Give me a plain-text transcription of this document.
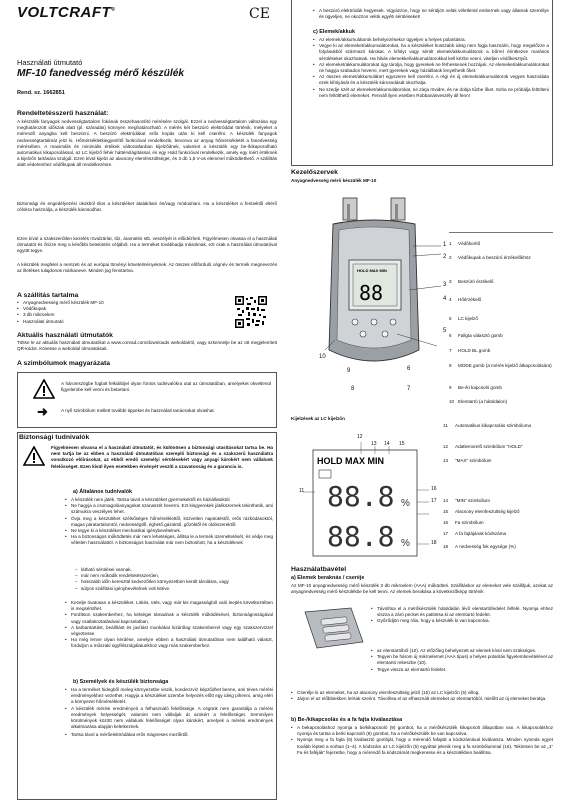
VOLTCRAFT®	CE
Használati útmutató
MF-10 fanedvesség mérő készülék
Rend. sz. 1662851
Rendeltetésszerű használat:
A készülék fanyagok nedvességtartalom fokának összehasonlító mérésére szolgál. Ezzel a nedvességtartalom változása egy meghatározott időszak alatt (pl. száradás) könnyen meghatározható. A mérés két beszúró elektróddal történik, melyeket a mérendő anyagba kell beszúrni. A beszúró elektródákat erős kopás után ki kell cserélni. A készülék fanyagok nedvességtartalmát jelzi ki. Hőmérsékletkiegyenlítő funkcióval rendelkezik, bevonva az anyag hőmérsékletét a fanedvesség mérésében. A maximális és minimális értékek változatlanban kijelződnek, valamint a készülék egy be-/kikapcsolható automatikus kikapcsolással, az LC kijelző fehér háttérvilágítással, és egy Hold funkcióval rendelkezik, amely egy mért értéknek a kijelzőn tartására szolgál. Ezen kívül kijelzi az alacsony elemfeszültséget, és 3 db 1,5 V-os elemmel működtethető. A szállítás alatt védelemhez védőkupak áll rendelkezésre.
Biztonsági és engedélyezési okokból tilos a készüléket átalakítani és/vagy módosítani. Ha a készüléket a fentiektől eltérő célokra használja, a készülék károsodhat.
Ezen kívül a szakszerűtlen kezelés rövidzárlat, tűz, áramütés stb. veszélyét is előidézheti. Figyelmesen olvassa el a használati útmutatót és őrizze meg a későbbi betekintés céljából. Ha a terméket továbbadja másoknak, ezt csak a használati útmutatóval együtt tegye.
A készülék megfelel a nemzeti és az európai törvényi követelményeknek. Az összes előforduló cégnév és termék megnevezés az illetékes tulajdonos márkaneve. Minden jog fenntartva.
A szállítás tartalma
• Anyagnedvesség mérő készülék MF-10
• Védőkupak
• 3 db mikroelem
• Használati útmutató
Aktuális használati útmutatók
Töltse le az aktuális használati útmutatókat a www.conrad.com/downloads weboldalról, vagy szkennelje be az ott megjelenített QR-kódot. Kövesse a weboldal útmutatásait.
A szimbólumok magyarázata
A háromszögbe foglalt felkiáltójel olyan fontos tudnivalókra utal az útmutatóban, amelyeket okvetlenül figyelembe kell venni és betartani.
➜	A nyíl szimbólum mellett további tippeket és használati tanácsokat olvashat.
Biztonsági tudnivalók
Figyelmesen olvassa el a használati útmutatót, és különösen a biztonsági utasításokat tartsa be. Ha nem tartja be az ebben a használati útmutatóban szereplő biztonsági és a szakszerű használatra vonatkozó előírásokat, az ebből eredő személyi sérülésekért vagy anyagi károkért nem vállalunk felelősséget. Ezen kívül ilyen esetekben érvényét veszíti a szavatosság és a garancia is.
a) Általános tudnivalók
• A készülék nem játék. Tartsa távol a készüléket gyermekektől és háziállatoktól.
• Ne hagyja a csomagolóanyagokat szanaszét heverni. Ezt kisgyerekek játékszernek tekinthetik, ami számukra veszélyes lehet.
• Óvja meg a készüléket szélsőséges hőmérséklettől, közvetlen napsütéstől, erős rázkódásoktól, magas páratartalomtól, nedvességtől, éghető gázoktól, gőzöktől és oldószerektől.
• Ne tegye ki a készüléket mechanikai igénybevételnek.
• Ha a biztonságos működtetés már nem lehetséges, állítsa le a termék üzemeltetését, és védje meg véletlen használattól. A biztonságos használat már nem biztosított, ha a készüléknek
– látható sérülései vannak,
– már nem működik rendeltetésszerűen,
– hosszabb időn keresztül kedvezőtlen környezetben került tárolásra, vagy
– súlyos szállítási igénybevételnek volt kitéve.
• Kezelje óvatosan a készüléket. Lökés, ütés, vagy már kis magasságból való leejtés következtében is megsérülhet.
• Fordítson szakemberhez, ha kétségei támadnak a készülék működésével, biztonságosságával vagy csatlakoztatásával kapcsolatban.
• A karbantartást, beállítást és javítást munkákat kizárólag szakemberrel vagy egy szakszervizzel végeztesse.
• Ha még lenne olyan kérdése, amelyre ebben a használati útmutatóban nem található választ, forduljon a műszaki ügyfélszolgálatunkhoz vagy más szakemberhez.
b) Személyek és készülék biztonsága
• Ha a terméket hidegből meleg környezetbe viszik, kondenzvíz képződhet benne, ami téves mérési eredményekhez vezethet. Hagyja a készüléket üzembe helyezés előtt egy ideig pihenni, amíg eléri a környezet hőmérsékletét.
• A készülék mérési eredményeit a felhasználó felelőssége. A cégünk nem garantálja a mérési eredmények helyességét, valamint nem vállaljuk át azokért a felelősséget. Semmilyen körülmények között nem vállalunk felelősséget olyan károkért, amelyek a mérési eredmények alkalmazása alapján keletkeznek.
• Tartsa távol a mérőelektródákat erős mágneses mezőktől.
• A beszúró elektródák hegyesek. Vigyázzon, hogy ne sérüljön velük véletlenül embernek vagy állatnak személye és ügyeljen, ne okozzon velük egyéb sérüléseket!
c) Elemek/akkuk
• Az elemek/akkumulátorok behelyezésekor ügyeljen a helyes polaritásra.
• Vegye ki az elemeket/akkumulátorokat, ha a készüléket hosszabb ideig nem fogja használni, hogy megelőzze a folyásukból származó károkat. A kifolyt vagy sérült elemek/akkumulátorok a bőrrel érintkezve marásos sérüléseket okozhatnak. Ha hibás elemekkel/akkumulátorokkal kell kézbe venni, viseljen védőkesztyűt.
• Az elemeket/akkumulátorokat úgy tárolja, hogy gyerekek ne férhessenek hozzájuk. Az elemeket/akkumulátorokat ne hagyja szabadon heverni, mert gyerekek vagy háziállatok lenyelhetik őket.
• Az összes elemet/akkumulátort egyszerre kell cserélni. A régi és új elemek/akkumulátorok vegyes használata ezek kifolyását és a készülék károsodását okozhatja.
• Ne szedje szét az elemeket/akkumulátorokat, ne zárja rövidre, és ne dobja tűzbe őket. Soha ne próbálja feltölteni nem feltölthető elemeket. Fennáll ilyen esetben Robbanásveszély áll fenn!
Kezelőszervek
Anyagnedvesség mérő készülék MF-10
HOLD MAX MIN
88
1
2
3
4
5
6
7
8
9
10
1	Védőkorítő
2	Védőkupak a beszúró érzékelőkhöz
3	Beszúró érzékelő
4	Hőérzékelő
5	LC kijelző
6	Fallgta választó gomb
7	HOLD BL gomb
8	MODE gomb (a mérés kijelző átkapcsolására)
9	Be-/ki kapcsoló gomb
10 Elemtartó (a hátoldalon)
Kijelzések az LC kijelzőn
HOLD MAX MIN
88.8 %
88.8 %
11
12
13 14 15
16
17
18
11	Automatikus kikapcsolás szimbóluma
12	Adatlemorelő szimbólum "HOLD"
13	"MAX" szimbólum
14	"MIN" szimbólum
15	Alacsony elemfeszültség kijelző
16	Fa szimbólum
17	A fa fajtájának kódszáma
18	A nedvesség fok egysége (%)
Használatbavétel
a) Elemek beraknás / cseréje
Az MF-10 anyagnedvesség mérő készülék 3 db mikroelem (AAA) működteti. Szállításkor az elemeket vele szállítjuk, azokat az anyagnedvesség mérő készülékbe be kell tenni. Az elemek berakása a következőképp történik
• Távolítsa el a mérőkészülék hátoldalán lévő elemtartófedelet felfelé. Nyomja ehhez viszza a záró pecket és pattintsa ki az elemtartó fedelet.
• Győződjön meg róla, hogy a készülék ki van kapcsolva.
• az elemtartóból (10). Az előzőleg behelyezett az elemek kívül nem szükséges.
• Tegyen be három új mikroelemet (AAA típus) a helyes polaritás figyelembevételével az elemtartó rekeszbe (10).
• Tegye vissza az elemtartó fedelet.
• Cserélje ki az elemeket, ha az alacsony elemfeszültség jelző (15) az LC kijelzőn (5) villog.
• Járjon el az előbbiekben leírtak szerint. Távolítsa el az elhasznált elemeket az elemtartóból, mielőtt az új elemeket berakja.
b) Be-/kikapcsolás és a fa fajta kiválasztása
• A bekapcsoláshoz nyomja a be/kikapcsoló (9) gombot, ha a mérőkészülék kikapcsolt állapotban van. A kikapcsoláshoz nyomja és tartsa a be/ki kapcsoló (9) gombot, ha a mérőkészülék be van kapcsolva.
• Nyomja meg a fa fajta (6) kiválasztó gombját, hogy a mérendő fafajtát a kódszámával kiválassza. Minden nyomás egyet tovább lépteti a sorban (1–4). A kódszám az LC kijelzőn (5) egyúttal jelenik meg a fa szimbólummal (16). Tekintsen be az „1” Fa és faféják” fejezetbe, hogy a mérendő fa kódszámát megkeresse és a készülékben beállítsa.
